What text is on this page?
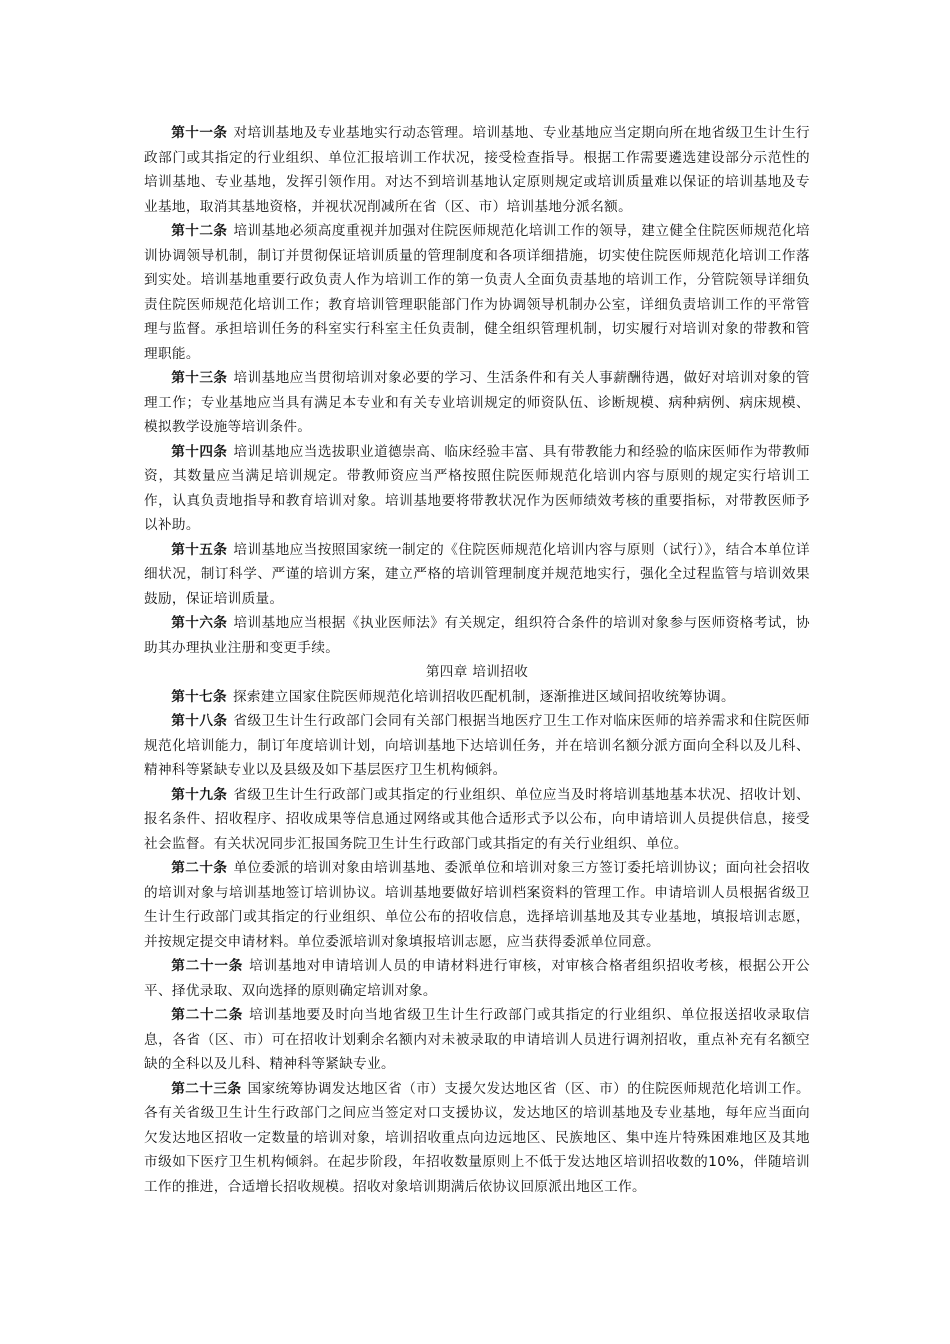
第十一条 对培训基地及专业基地实行动态管理。培训基地、专业基地应当定期向所在地省级卫生计生行政部门或其指定的行业组织、单位汇报培训工作状况，接受检查指导。根据工作需要遴选建设部分示范性的培训基地、专业基地，发挥引领作用。对达不到培训基地认定原则规定或培训质量难以保证的培训基地及专业基地，取消其基地资格，并视状况削减所在省（区、市）培训基地分派名额。

第十二条 培训基地必须高度重视并加强对住院医师规范化培训工作的领导，建立健全住院医师规范化培训协调领导机制，制订并贯彻保证培训质量的管理制度和各项详细措施，切实使住院医师规范化培训工作落到实处。培训基地重要行政负责人作为培训工作的第一负责人全面负责基地的培训工作，分管院领导详细负责住院医师规范化培训工作；教育培训管理职能部门作为协调领导机制办公室，详细负责培训工作的平常管理与监督。承担培训任务的科室实行科室主任负责制，健全组织管理机制，切实履行对培训对象的带教和管理职能。

第十三条 培训基地应当贯彻培训对象必要的学习、生活条件和有关人事薪酬待遇，做好对培训对象的管理工作；专业基地应当具有满足本专业和有关专业培训规定的师资队伍、诊断规模、病种病例、病床规模、模拟教学设施等培训条件。

第十四条 培训基地应当选拔职业道德崇高、临床经验丰富、具有带教能力和经验的临床医师作为带教师资，其数量应当满足培训规定。带教师资应当严格按照住院医师规范化培训内容与原则的规定实行培训工作，认真负责地指导和教育培训对象。培训基地要将带教状况作为医师绩效考核的重要指标，对带教医师予以补助。

第十五条 培训基地应当按照国家统一制定的《住院医师规范化培训内容与原则（试行）》，结合本单位详细状况，制订科学、严谨的培训方案，建立严格的培训管理制度并规范地实行，强化全过程监管与培训效果鼓励，保证培训质量。

第十六条 培训基地应当根据《执业医师法》有关规定，组织符合条件的培训对象参与医师资格考试，协助其办理执业注册和变更手续。

第四章 培训招收

第十七条 探索建立国家住院医师规范化培训招收匹配机制，逐渐推进区域间招收统筹协调。

第十八条 省级卫生计生行政部门会同有关部门根据当地医疗卫生工作对临床医师的培养需求和住院医师规范化培训能力，制订年度培训计划，向培训基地下达培训任务，并在培训名额分派方面向全科以及儿科、精神科等紧缺专业以及县级及如下基层医疗卫生机构倾斜。

第十九条 省级卫生计生行政部门或其指定的行业组织、单位应当及时将培训基地基本状况、招收计划、报名条件、招收程序、招收成果等信息通过网络或其他合适形式予以公布，向申请培训人员提供信息，接受社会监督。有关状况同步汇报国务院卫生计生行政部门或其指定的有关行业组织、单位。

第二十条 单位委派的培训对象由培训基地、委派单位和培训对象三方签订委托培训协议；面向社会招收的培训对象与培训基地签订培训协议。培训基地要做好培训档案资料的管理工作。申请培训人员根据省级卫生计生行政部门或其指定的行业组织、单位公布的招收信息，选择培训基地及其专业基地，填报培训志愿，并按规定提交申请材料。单位委派培训对象填报培训志愿，应当获得委派单位同意。

第二十一条 培训基地对申请培训人员的申请材料进行审核，对审核合格者组织招收考核，根据公开公平、择优录取、双向选择的原则确定培训对象。

第二十二条 培训基地要及时向当地省级卫生计生行政部门或其指定的行业组织、单位报送招收录取信息，各省（区、市）可在招收计划剩余名额内对未被录取的申请培训人员进行调剂招收，重点补充有名额空缺的全科以及儿科、精神科等紧缺专业。

第二十三条 国家统筹协调发达地区省（市）支援欠发达地区省（区、市）的住院医师规范化培训工作。各有关省级卫生计生行政部门之间应当签定对口支援协议，发达地区的培训基地及专业基地，每年应当面向欠发达地区招收一定数量的培训对象，培训招收重点向边远地区、民族地区、集中连片特殊困难地区及其地市级如下医疗卫生机构倾斜。在起步阶段，年招收数量原则上不低于发达地区培训招收数的10%，伴随培训工作的推进，合适增长招收规模。招收对象培训期满后依协议回原派出地区工作。
